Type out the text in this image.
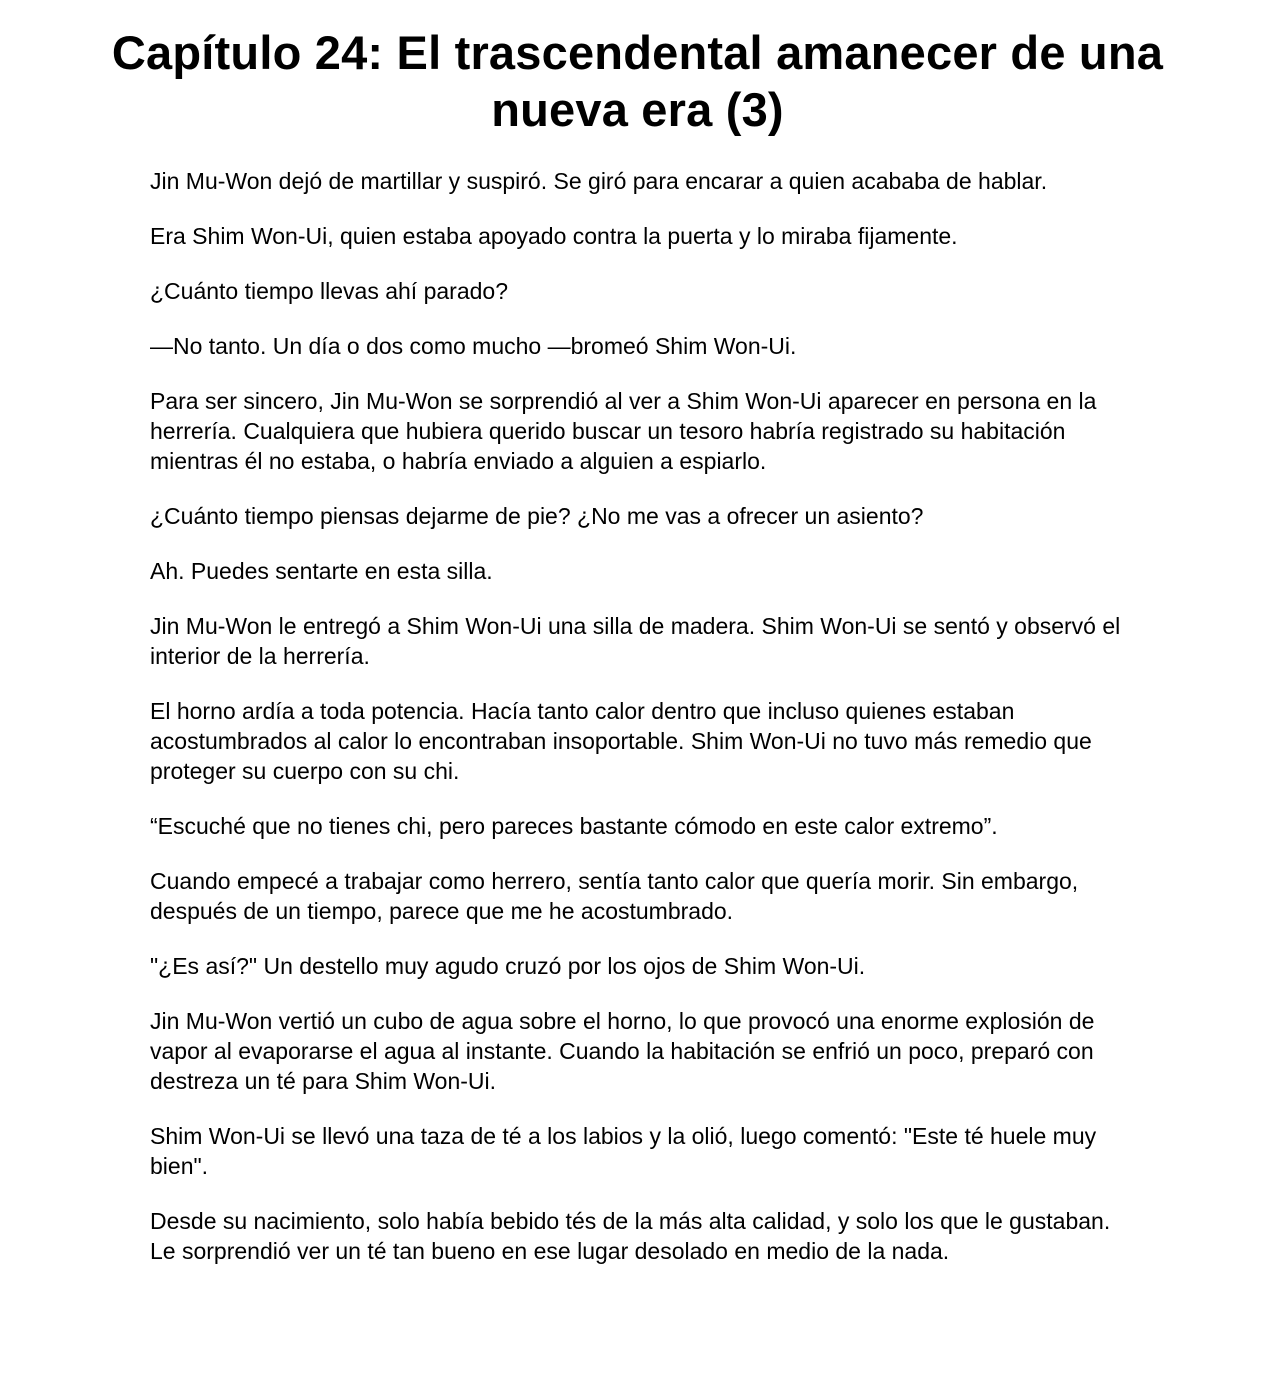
Capítulo 24: El trascendental amanecer de una nueva era (3)

Jin Mu-Won dejó de martillar y suspiró. Se giró para encarar a quien acababa de hablar.

Era Shim Won-Ui, quien estaba apoyado contra la puerta y lo miraba fijamente.

¿Cuánto tiempo llevas ahí parado?

—No tanto. Un día o dos como mucho —bromeó Shim Won-Ui.

Para ser sincero, Jin Mu-Won se sorprendió al ver a Shim Won-Ui aparecer en persona en la herrería. Cualquiera que hubiera querido buscar un tesoro habría registrado su habitación mientras él no estaba, o habría enviado a alguien a espiarlo.

¿Cuánto tiempo piensas dejarme de pie? ¿No me vas a ofrecer un asiento?

Ah. Puedes sentarte en esta silla.

Jin Mu-Won le entregó a Shim Won-Ui una silla de madera. Shim Won-Ui se sentó y observó el interior de la herrería.

El horno ardía a toda potencia. Hacía tanto calor dentro que incluso quienes estaban acostumbrados al calor lo encontraban insoportable. Shim Won-Ui no tuvo más remedio que proteger su cuerpo con su chi.

“Escuché que no tienes chi, pero pareces bastante cómodo en este calor extremo”.

Cuando empecé a trabajar como herrero, sentía tanto calor que quería morir. Sin embargo, después de un tiempo, parece que me he acostumbrado.

"¿Es así?" Un destello muy agudo cruzó por los ojos de Shim Won-Ui.

Jin Mu-Won vertió un cubo de agua sobre el horno, lo que provocó una enorme explosión de vapor al evaporarse el agua al instante. Cuando la habitación se enfrió un poco, preparó con destreza un té para Shim Won-Ui.

Shim Won-Ui se llevó una taza de té a los labios y la olió, luego comentó: "Este té huele muy bien".

Desde su nacimiento, solo había bebido tés de la más alta calidad, y solo los que le gustaban. Le sorprendió ver un té tan bueno en ese lugar desolado en medio de la nada.
